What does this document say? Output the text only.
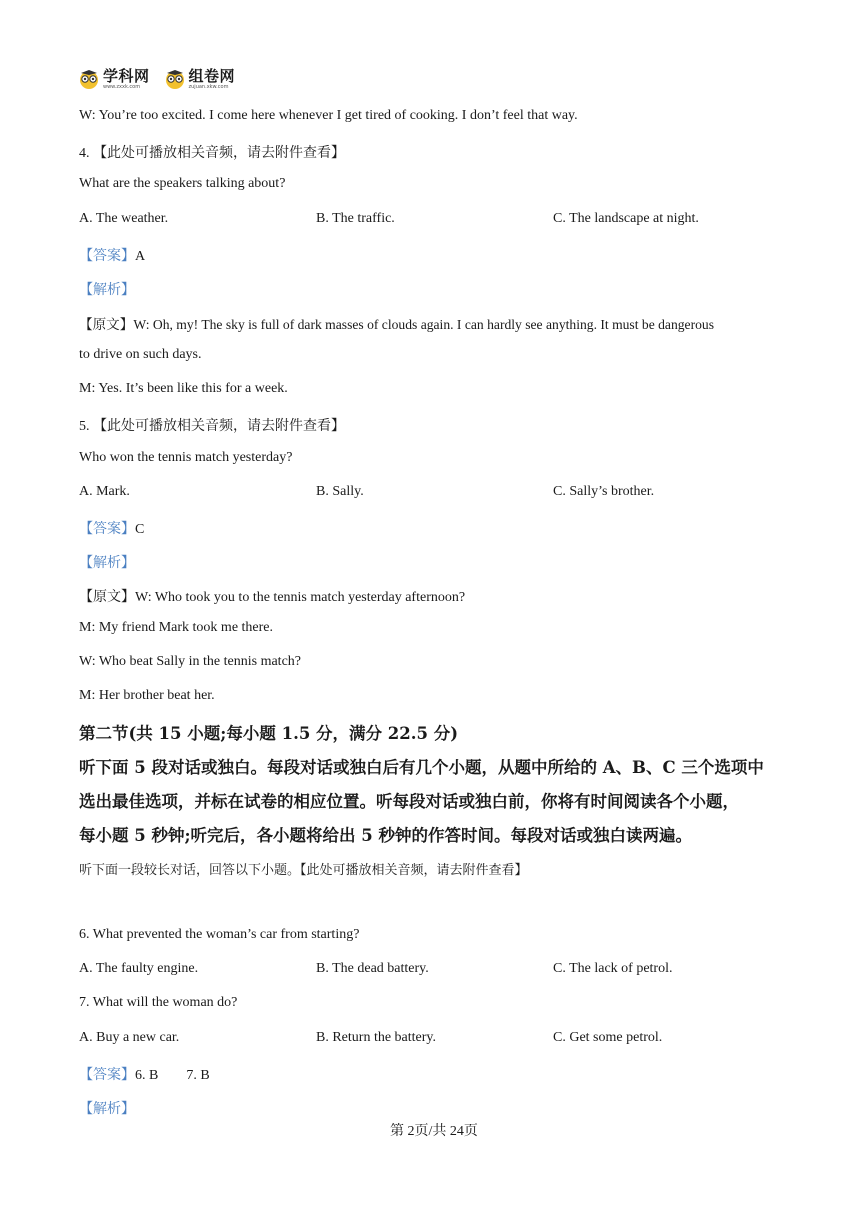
学科网
www.zxxk.com
组卷网
zujuan.xkw.com
W: You’re too excited. I come here whenever I get tired of cooking. I don’t feel that way.
4. 【此处可播放相关音频，请去附件查看】
What are the speakers talking about?
A. The weather.	B. The traffic.	C. The landscape at night.
【答案】A
【解析】
【原文】W: Oh, my! The sky is full of dark masses of clouds again. I can hardly see anything. It must be dangerous
to drive on such days.
M: Yes. It’s been like this for a week.
5. 【此处可播放相关音频，请去附件查看】
Who won the tennis match yesterday?
A. Mark.	B. Sally.	C. Sally’s brother.
【答案】C
【解析】
【原文】W: Who took you to the tennis match yesterday afternoon?
M: My friend Mark took me there.
W: Who beat Sally in the tennis match?
M: Her brother beat her.
第二节(共 15 小题;每小题 1.5 分，满分 22.5 分)
听下面 5 段对话或独白。每段对话或独白后有几个小题，从题中所给的 A、B、C 三个选项中
选出最佳选项，并标在试卷的相应位置。听每段对话或独白前，你将有时间阅读各个小题，
每小题 5 秒钟;听完后，各小题将给出 5 秒钟的作答时间。每段对话或独白读两遍。
听下面一段较长对话，回答以下小题。【此处可播放相关音频，请去附件查看】
6. What prevented the woman’s car from starting?
A. The faulty engine.	B. The dead battery.	C. The lack of petrol.
7. What will the woman do?
A. Buy a new car.	B. Return the battery.	C. Get some petrol.
【答案】6. B　　7. B
【解析】
第 2页/共 24页
